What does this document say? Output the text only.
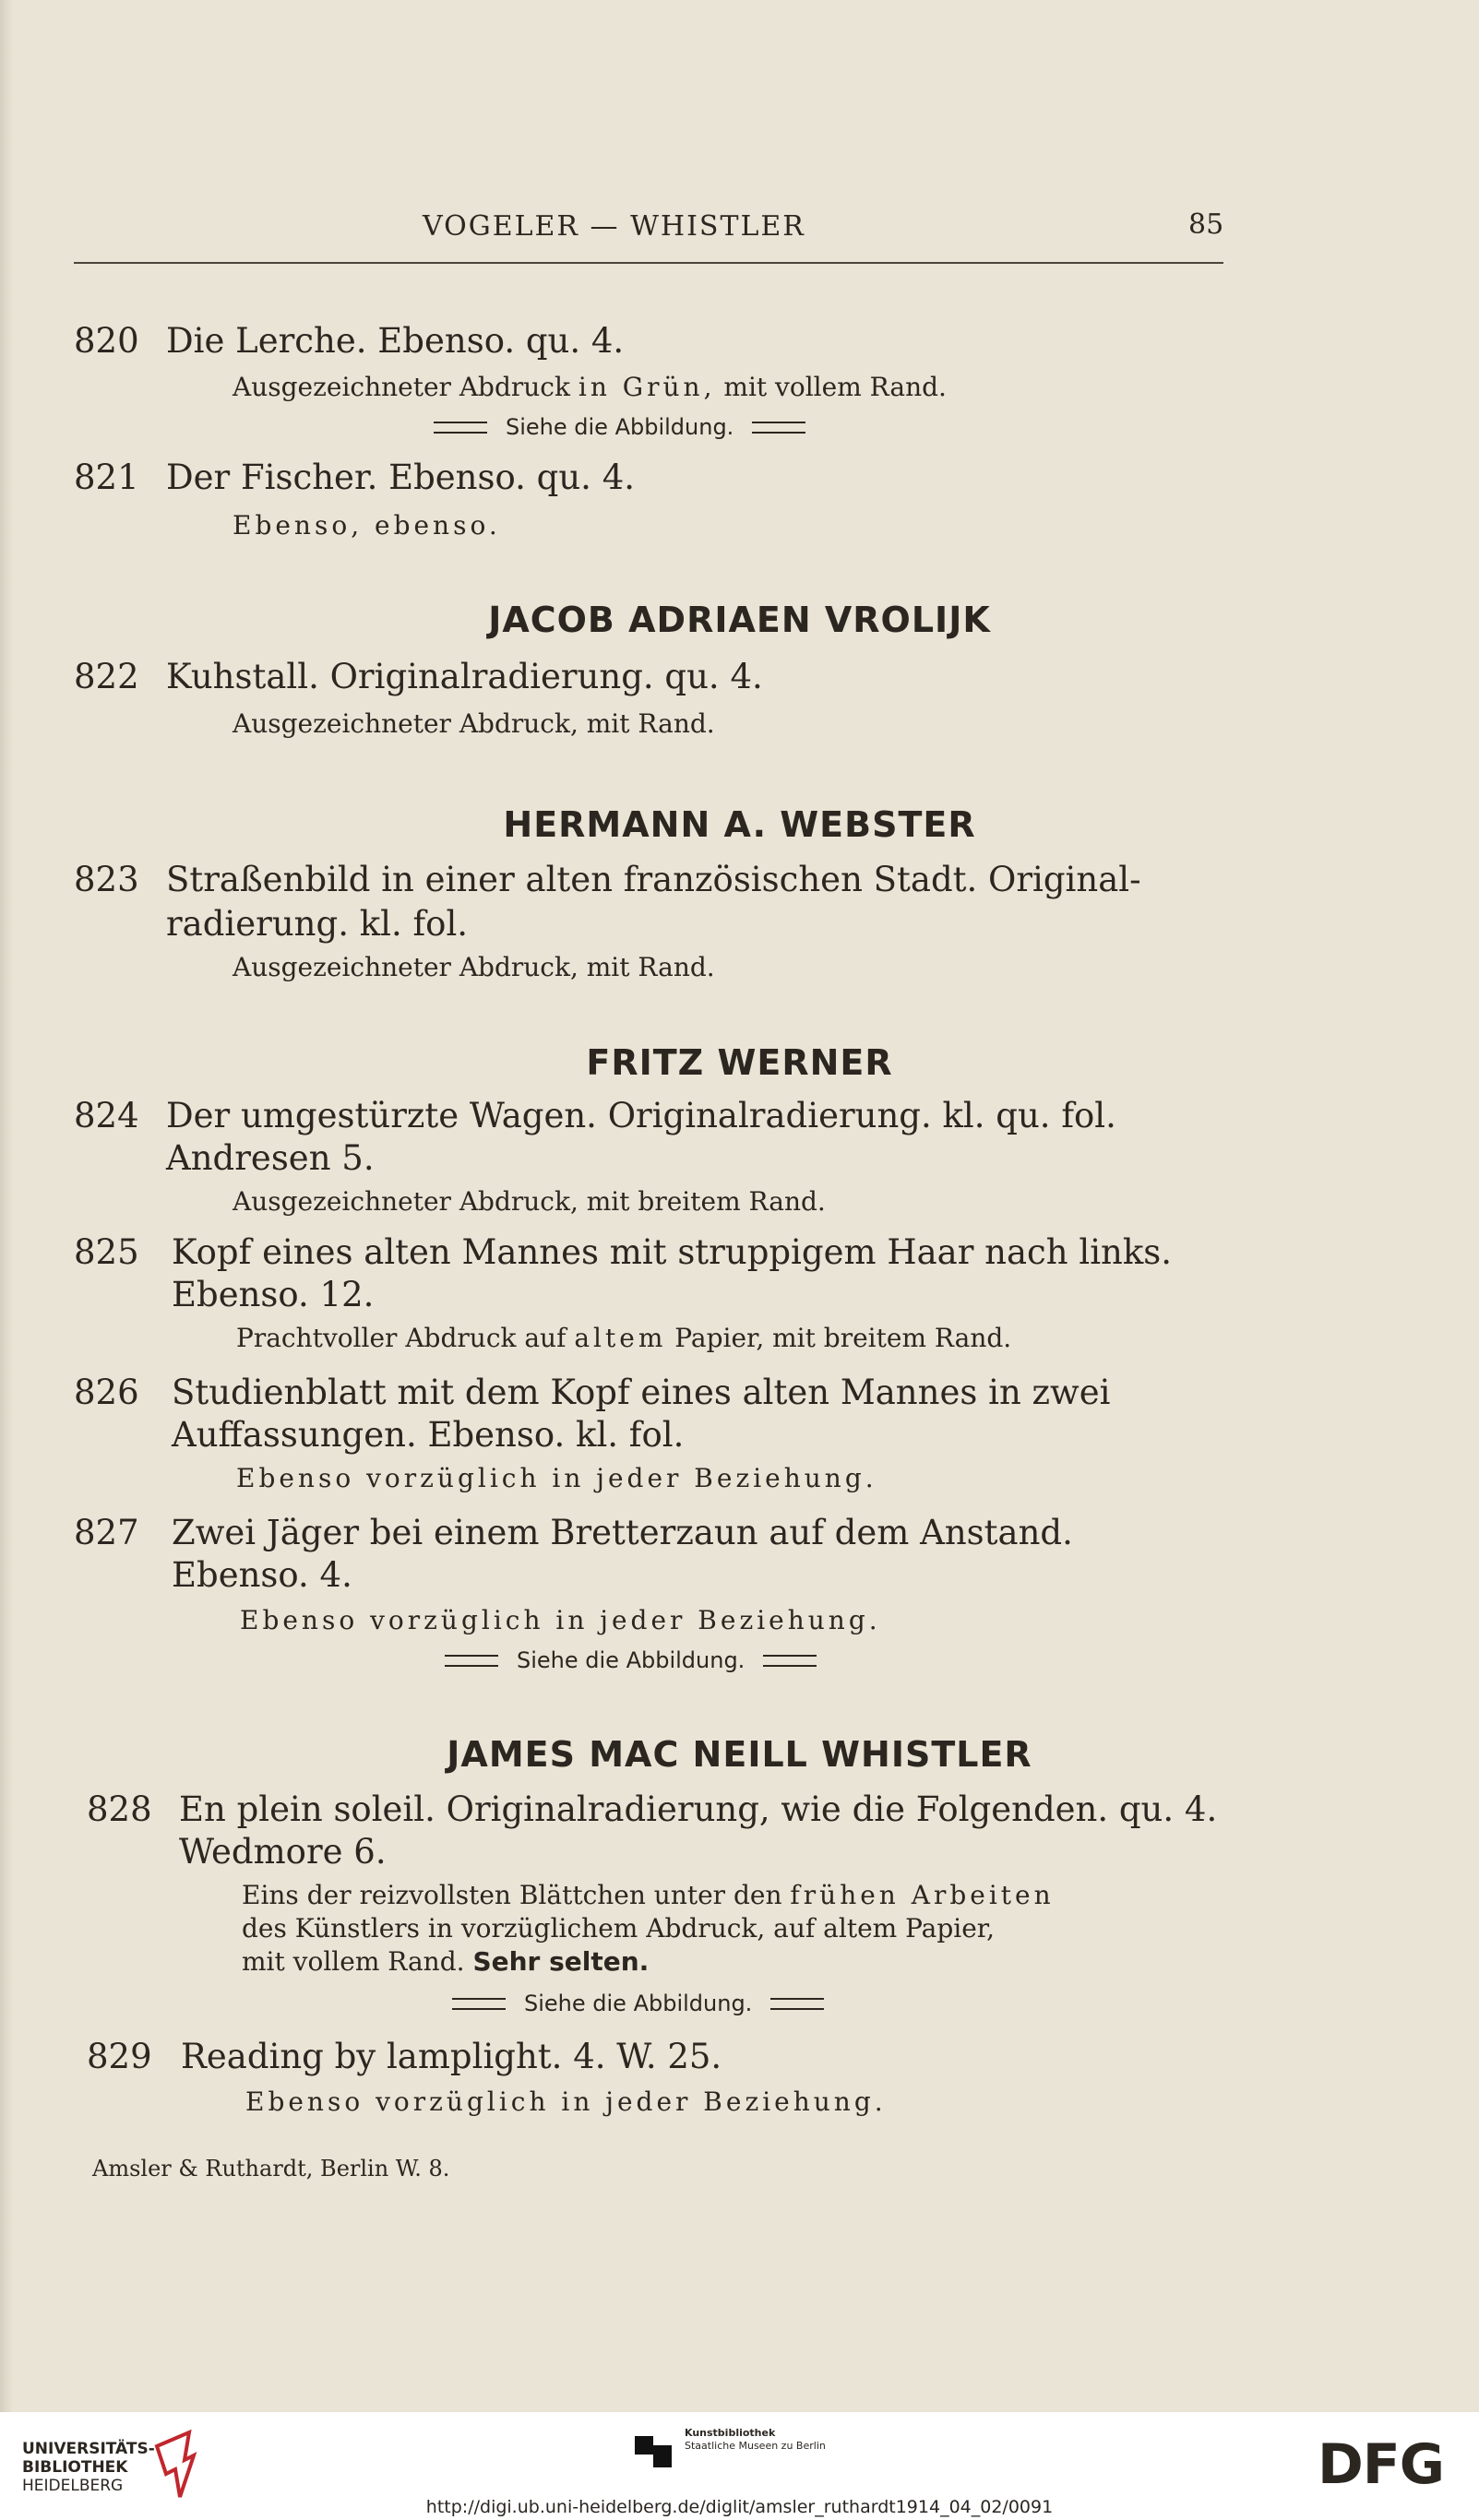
VOGELER — WHISTLER	85
820 Die Lerche. Ebenso. qu. 4.
Ausgezeichneter Abdruck in Grün, mit vollem Rand.
Siehe die Abbildung.
821 Der Fischer. Ebenso. qu. 4.
Ebenso, ebenso.
JACOB ADRIAEN VROLIJK
822 Kuhstall. Originalradierung. qu. 4.
Ausgezeichneter Abdruck, mit Rand.
HERMANN A. WEBSTER
823 Straßenbild in einer alten französischen Stadt. Original-
radierung. kl. fol.
Ausgezeichneter Abdruck, mit Rand.
FRITZ WERNER
824 Der umgestürzte Wagen. Originalradierung. kl. qu. fol.
Andresen 5.
Ausgezeichneter Abdruck, mit breitem Rand.
825 Kopf eines alten Mannes mit struppigem Haar nach links.
Ebenso. 12.
Prachtvoller Abdruck auf altem Papier, mit breitem Rand.
826 Studienblatt mit dem Kopf eines alten Mannes in zwei
Auffassungen. Ebenso. kl. fol.
Ebenso vorzüglich in jeder Beziehung.
827 Zwei Jäger bei einem Bretterzaun auf dem Anstand.
Ebenso. 4.
Ebenso vorzüglich in jeder Beziehung.
Siehe die Abbildung.
JAMES MAC NEILL WHISTLER
828 En plein soleil. Originalradierung, wie die Folgenden. qu. 4.
Wedmore 6.
Eins der reizvollsten Blättchen unter den frühen Arbeiten
des Künstlers in vorzüglichem Abdruck, auf altem Papier,
mit vollem Rand. Sehr selten.
Siehe die Abbildung.
829 Reading by lamplight. 4. W. 25.
Ebenso vorzüglich in jeder Beziehung.
Amsler & Ruthardt, Berlin W. 8.
UNIVERSITÄTS-
BIBLIOTHEK
HEIDELBERG
Kunstbibliothek
Staatliche Museen zu Berlin	DFG
http://digi.ub.uni-heidelberg.de/diglit/amsler_ruthardt1914_04_02/0091
